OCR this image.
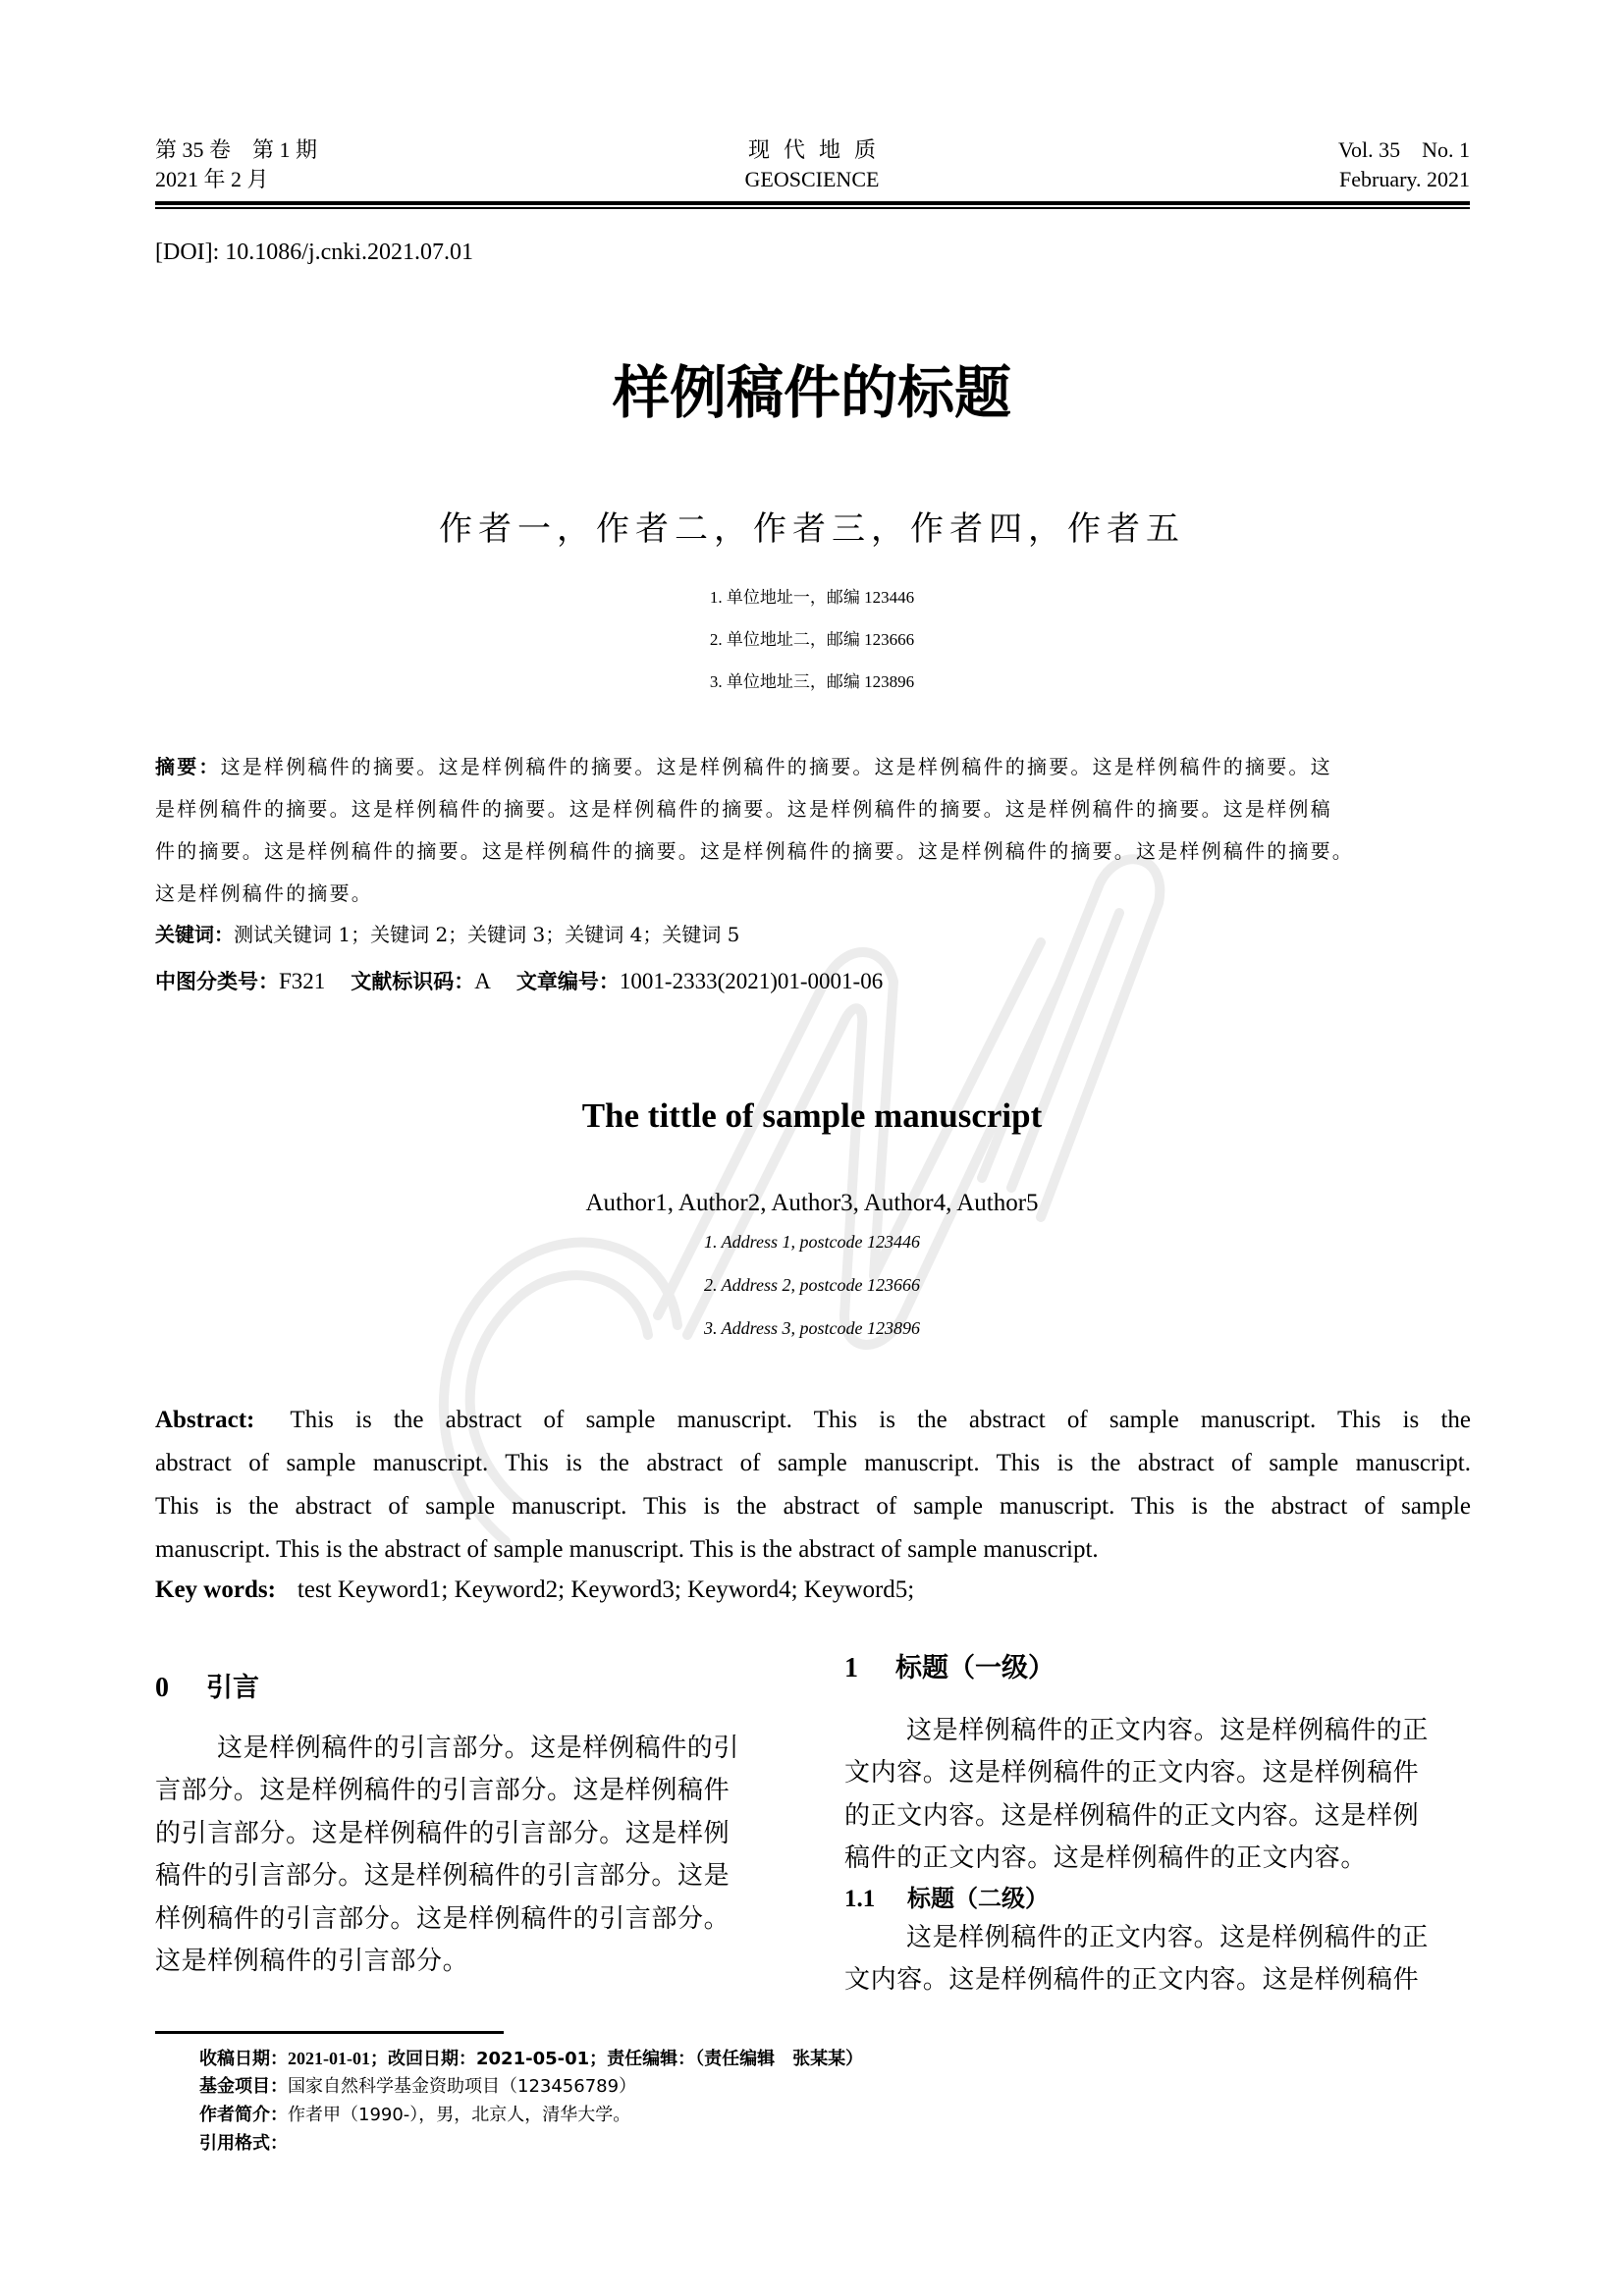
第 35 卷　第 1 期
2021 年 2 月
现代地质
GEOSCIENCE
Vol. 35　No. 1
February. 2021
[DOI]: 10.1086/j.cnki.2021.07.01
样例稿件的标题
作者一，作者二，作者三，作者四，作者五
1. 单位地址一，邮编 123446
2. 单位地址二，邮编 123666
3. 单位地址三，邮编 123896
摘要：这是样例稿件的摘要。这是样例稿件的摘要。这是样例稿件的摘要。这是样例稿件的摘要。这是样例稿件的摘要。这
是样例稿件的摘要。这是样例稿件的摘要。这是样例稿件的摘要。这是样例稿件的摘要。这是样例稿件的摘要。这是样例稿
件的摘要。这是样例稿件的摘要。这是样例稿件的摘要。这是样例稿件的摘要。这是样例稿件的摘要。这是样例稿件的摘要。
这是样例稿件的摘要。
关键词：测试关键词 1；关键词 2；关键词 3；关键词 4；关键词 5
中图分类号：F321 文献标识码：A 文章编号：1001-2333(2021)01-0001-06
The tittle of sample manuscript
Author1, Author2, Author3, Author4, Author5
1. Address 1, postcode 123446
2. Address 2, postcode 123666
3. Address 3, postcode 123896
Abstract: This is the abstract of sample manuscript. This is the abstract of sample manuscript. This is the
abstract of sample manuscript. This is the abstract of sample manuscript. This is the abstract of sample manuscript.
This is the abstract of sample manuscript. This is the abstract of sample manuscript. This is the abstract of sample
manuscript. This is the abstract of sample manuscript. This is the abstract of sample manuscript.
Key words: test Keyword1; Keyword2; Keyword3; Keyword4; Keyword5;
0 引言
这是样例稿件的引言部分。这是样例稿件的引
言部分。这是样例稿件的引言部分。这是样例稿件
的引言部分。这是样例稿件的引言部分。这是样例
稿件的引言部分。这是样例稿件的引言部分。这是
样例稿件的引言部分。这是样例稿件的引言部分。
这是样例稿件的引言部分。
1 标题（一级）
这是样例稿件的正文内容。这是样例稿件的正
文内容。这是样例稿件的正文内容。这是样例稿件
的正文内容。这是样例稿件的正文内容。这是样例
稿件的正文内容。这是样例稿件的正文内容。
1.1 标题（二级）
这是样例稿件的正文内容。这是样例稿件的正
文内容。这是样例稿件的正文内容。这是样例稿件
收稿日期：2021-01-01；改回日期：2021-05-01；责任编辑：（责任编辑　张某某）
基金项目：国家自然科学基金资助项目（123456789）
作者简介：作者甲（1990-），男，北京人，清华大学。
引用格式：
